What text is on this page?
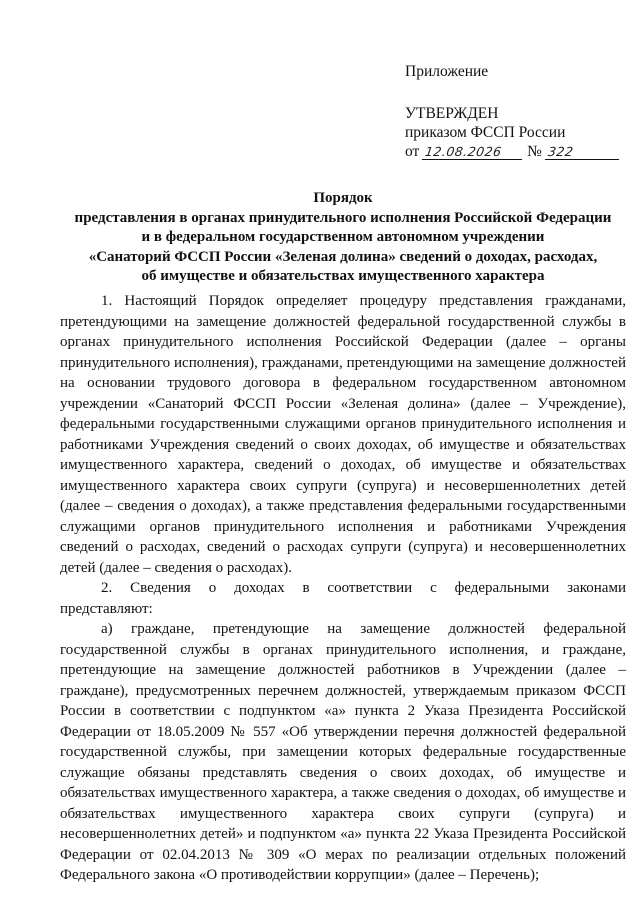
Приложение
УТВЕРЖДЕН
приказом ФССП России
от 12.08.2026 № 322
Порядок
представления в органах принудительного исполнения Российской Федерации
и в федеральном государственном автономном учреждении
«Санаторий ФССП России «Зеленая долина» сведений о доходах, расходах,
об имуществе и обязательствах имущественного характера

1. Настоящий Порядок определяет процедуру представления гражданами, претендующими на замещение должностей федеральной государственной службы в органах принудительного исполнения Российской Федерации (далее – органы принудительного исполнения), гражданами, претендующими на замещение должностей на основании трудового договора в федеральном государственном автономном учреждении «Санаторий ФССП России «Зеленая долина» (далее – Учреждение), федеральными государственными служащими органов принудительного исполнения и работниками Учреждения сведений о своих доходах, об имуществе и обязательствах имущественного характера, сведений о доходах, об имуществе и обязательствах имущественного характера своих супруги (супруга) и несовершеннолетних детей (далее – сведения о доходах), а также представления федеральными государственными служащими органов принудительного исполнения и работниками Учреждения сведений о расходах, сведений о расходах супруги (супруга) и несовершеннолетних детей (далее – сведения о расходах).

2. Сведения о доходах в соответствии с федеральными законами представляют:

а) граждане, претендующие на замещение должностей федеральной государственной службы в органах принудительного исполнения, и граждане, претендующие на замещение должностей работников в Учреждении (далее – граждане), предусмотренных перечнем должностей, утверждаемым приказом ФССП России в соответствии с подпунктом «а» пункта 2 Указа Президента Российской Федерации от 18.05.2009 № 557 «Об утверждении перечня должностей федеральной государственной службы, при замещении которых федеральные государственные служащие обязаны представлять сведения о своих доходах, об имуществе и обязательствах имущественного характера, а также сведения о доходах, об имуществе и обязательствах имущественного характера своих супруги (супруга) и несовершеннолетних детей» и подпунктом «а» пункта 22 Указа Президента Российской Федерации от 02.04.2013 № 309 «О мерах по реализации отдельных положений Федерального закона «О противодействии коррупции» (далее – Перечень);
